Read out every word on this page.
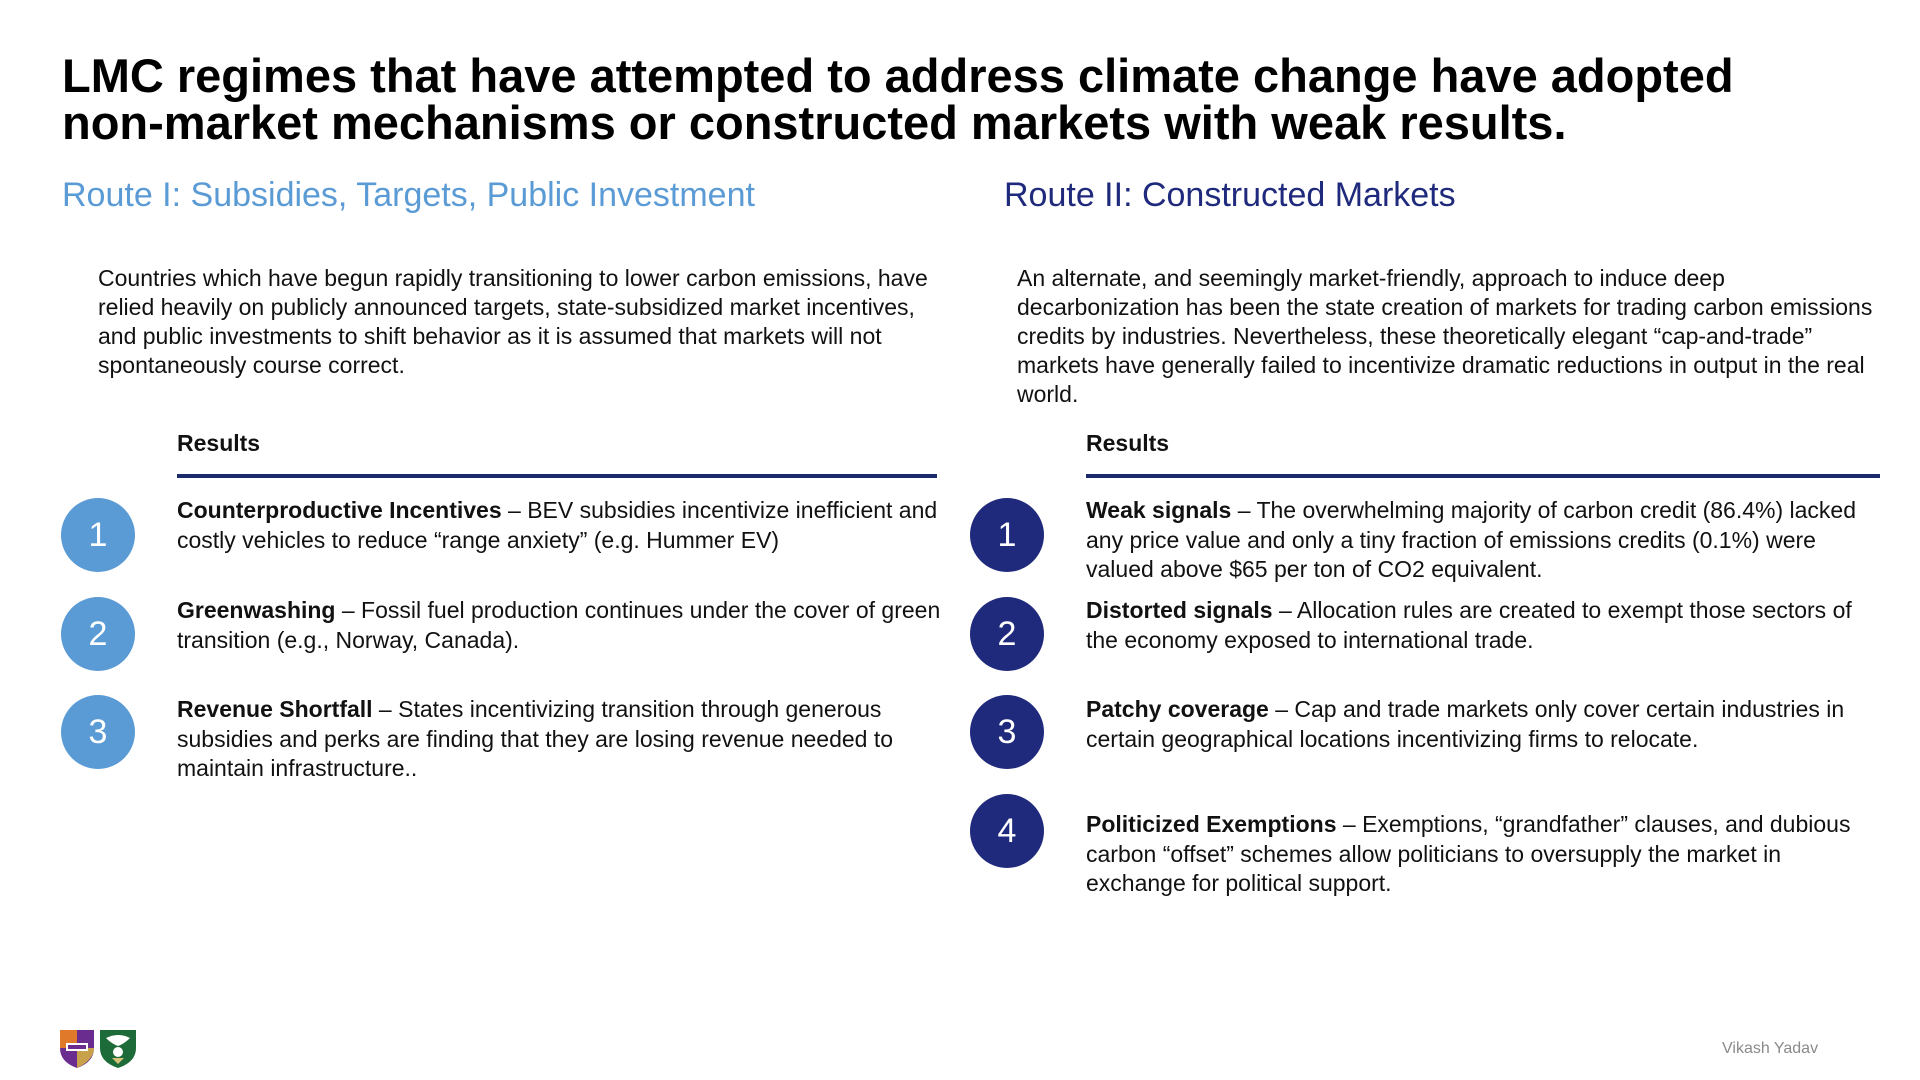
LMC regimes that have attempted to address climate change have adopted
non-market mechanisms or constructed markets with weak results.
Route I: Subsidies, Targets, Public Investment	Route II: Constructed Markets

Countries which have begun rapidly transitioning to lower carbon emissions, have relied heavily on publicly announced targets, state-subsidized market incentives, and public investments to shift behavior as it is assumed that markets will not spontaneously course correct.

An alternate, and seemingly market-friendly, approach to induce deep decarbonization has been the state creation of markets for trading carbon emissions credits by industries. Nevertheless, these theoretically elegant “cap-and-trade” markets have generally failed to incentivize dramatic reductions in output in the real world.

Results	Results
1

Counterproductive Incentives – BEV subsidies incentivize inefficient and costly vehicles to reduce “range anxiety” (e.g. Hummer EV)

2

Greenwashing – Fossil fuel production continues under the cover of green transition (e.g., Norway, Canada).

3

Revenue Shortfall – States incentivizing transition through generous subsidies and perks are finding that they are losing revenue needed to maintain infrastructure..

1

Weak signals – The overwhelming majority of carbon credit (86.4%) lacked any price value and only a tiny fraction of emissions credits (0.1%) were valued above $65 per ton of CO2 equivalent.

2

Distorted signals – Allocation rules are created to exempt those sectors of the economy exposed to international trade.

3

Patchy coverage – Cap and trade markets only cover certain industries in certain geographical locations incentivizing firms to relocate.

4	Politicized Exemptions – Exemptions, “grandfather” clauses, and dubious carbon “offset” schemes allow politicians to oversupply the market in exchange for political support.

Vikash Yadav
